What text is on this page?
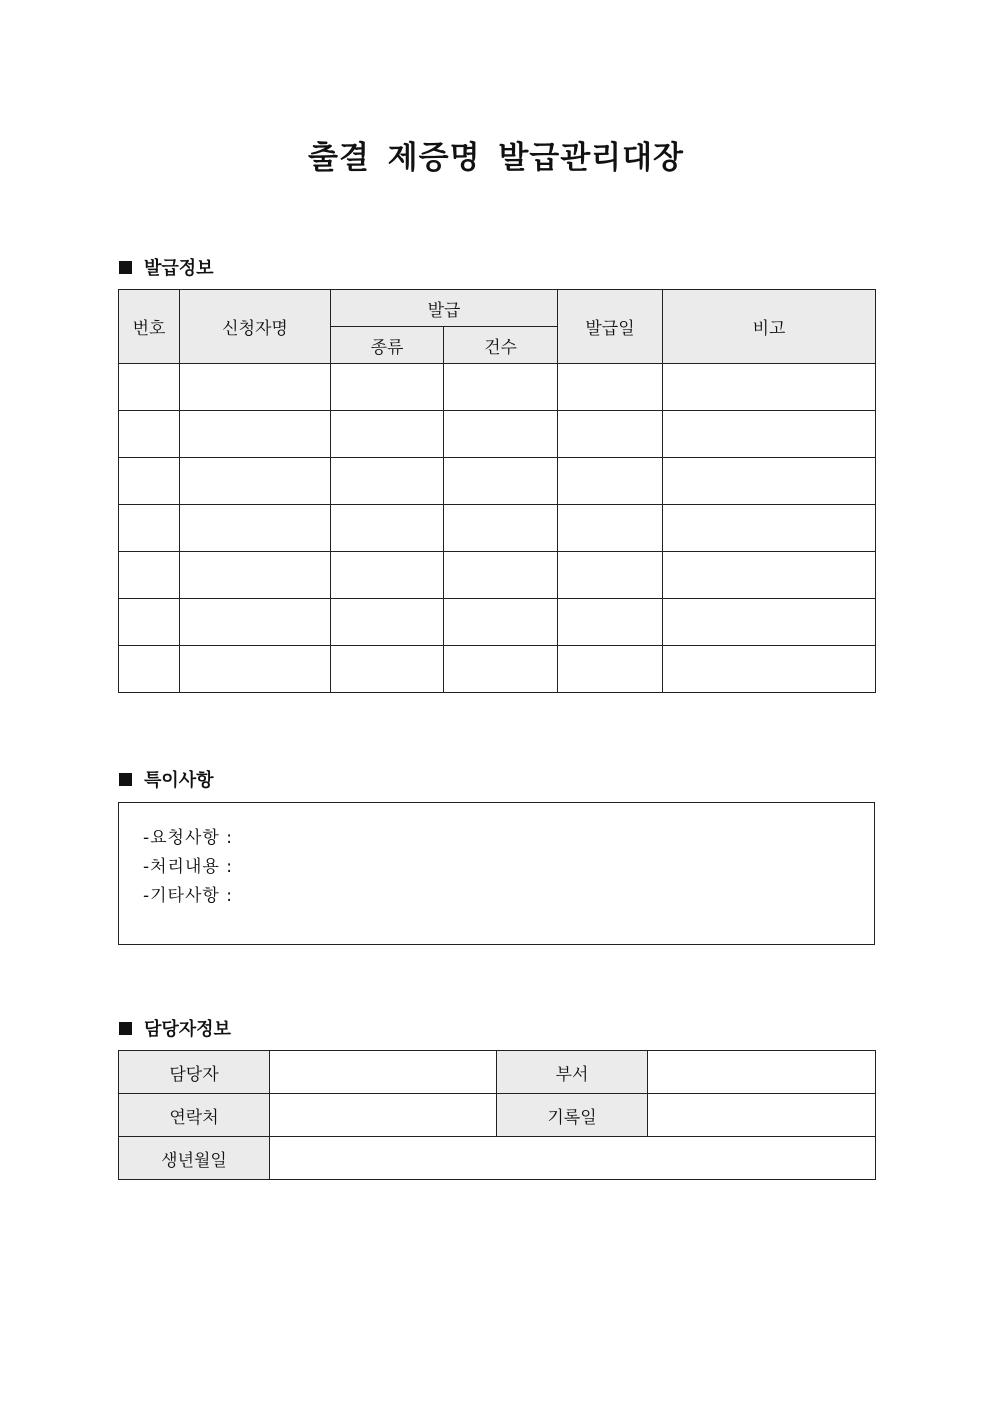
출결 제증명 발급관리대장
발급정보
번호	신청자명	발급		발급일	비고
		종류	건수		

특이사항
-요청사항 :
-처리내용 :
-기타사항 :
담당자정보
담당자		부서	
연락처		기록일	
생년월일			
